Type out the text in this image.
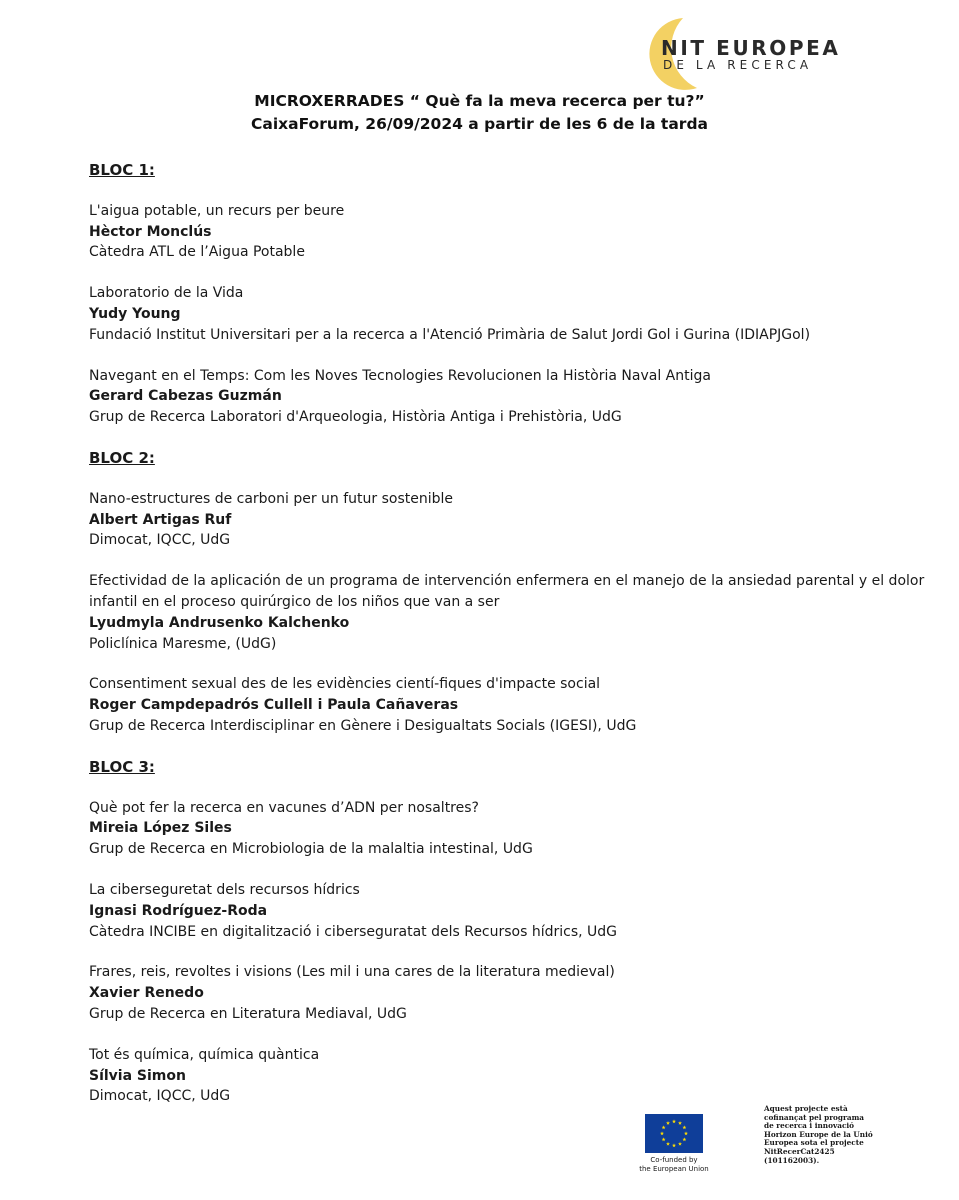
NIT EUROPEA
DE LA RECERCA
MICROXERRADES “ Què fa la meva recerca per tu?”
CaixaForum, 26/09/2024 a partir de les 6 de la tarda

BLOC 1:

L'aigua potable, un recurs per beure
Hèctor Monclús
Càtedra ATL de l’Aigua Potable
Laboratorio de la Vida
Yudy Young
Fundació Institut Universitari per a la recerca a l'Atenció Primària de Salut Jordi Gol i Gurina (IDIAPJGol)
Navegant en el Temps: Com les Noves Tecnologies Revolucionen la Història Naval Antiga
Gerard Cabezas Guzmán
Grup de Recerca Laboratori d'Arqueologia, Història Antiga i Prehistòria, UdG

BLOC 2:

Nano-estructures de carboni per un futur sostenible
Albert Artigas Ruf
Dimocat, IQCC, UdG
Efectividad de la aplicación de un programa de intervención enfermera en el manejo de la ansiedad parental y el dolor infantil en el proceso quirúrgico de los niños que van a ser
Lyudmyla Andrusenko Kalchenko
Policlínica Maresme, (UdG)
Consentiment sexual des de les evidències cientí-fiques d'impacte social
Roger Campdepadrós Cullell i Paula Cañaveras
Grup de Recerca Interdisciplinar en Gènere i Desigualtats Socials (IGESI), UdG

BLOC 3:

Què pot fer la recerca en vacunes d’ADN per nosaltres?
Mireia López Siles
Grup de Recerca en Microbiologia de la malaltia intestinal, UdG
La ciberseguretat dels recursos hídrics
Ignasi Rodríguez-Roda
Càtedra INCIBE en digitalització i ciberseguratat dels Recursos hídrics, UdG
Frares, reis, revoltes i visions (Les mil i una cares de la literatura medieval)
Xavier Renedo
Grup de Recerca en Literatura Mediaval, UdG
Tot és química, química quàntica
Sílvia Simon
Dimocat, IQCC, UdG
Co-funded by
the European Union
Aquest projecte està cofinançat pel programa de recerca i innovació Horizon Europe de la Unió Europea sota el projecte NitRecerCat2425 (101162003).
